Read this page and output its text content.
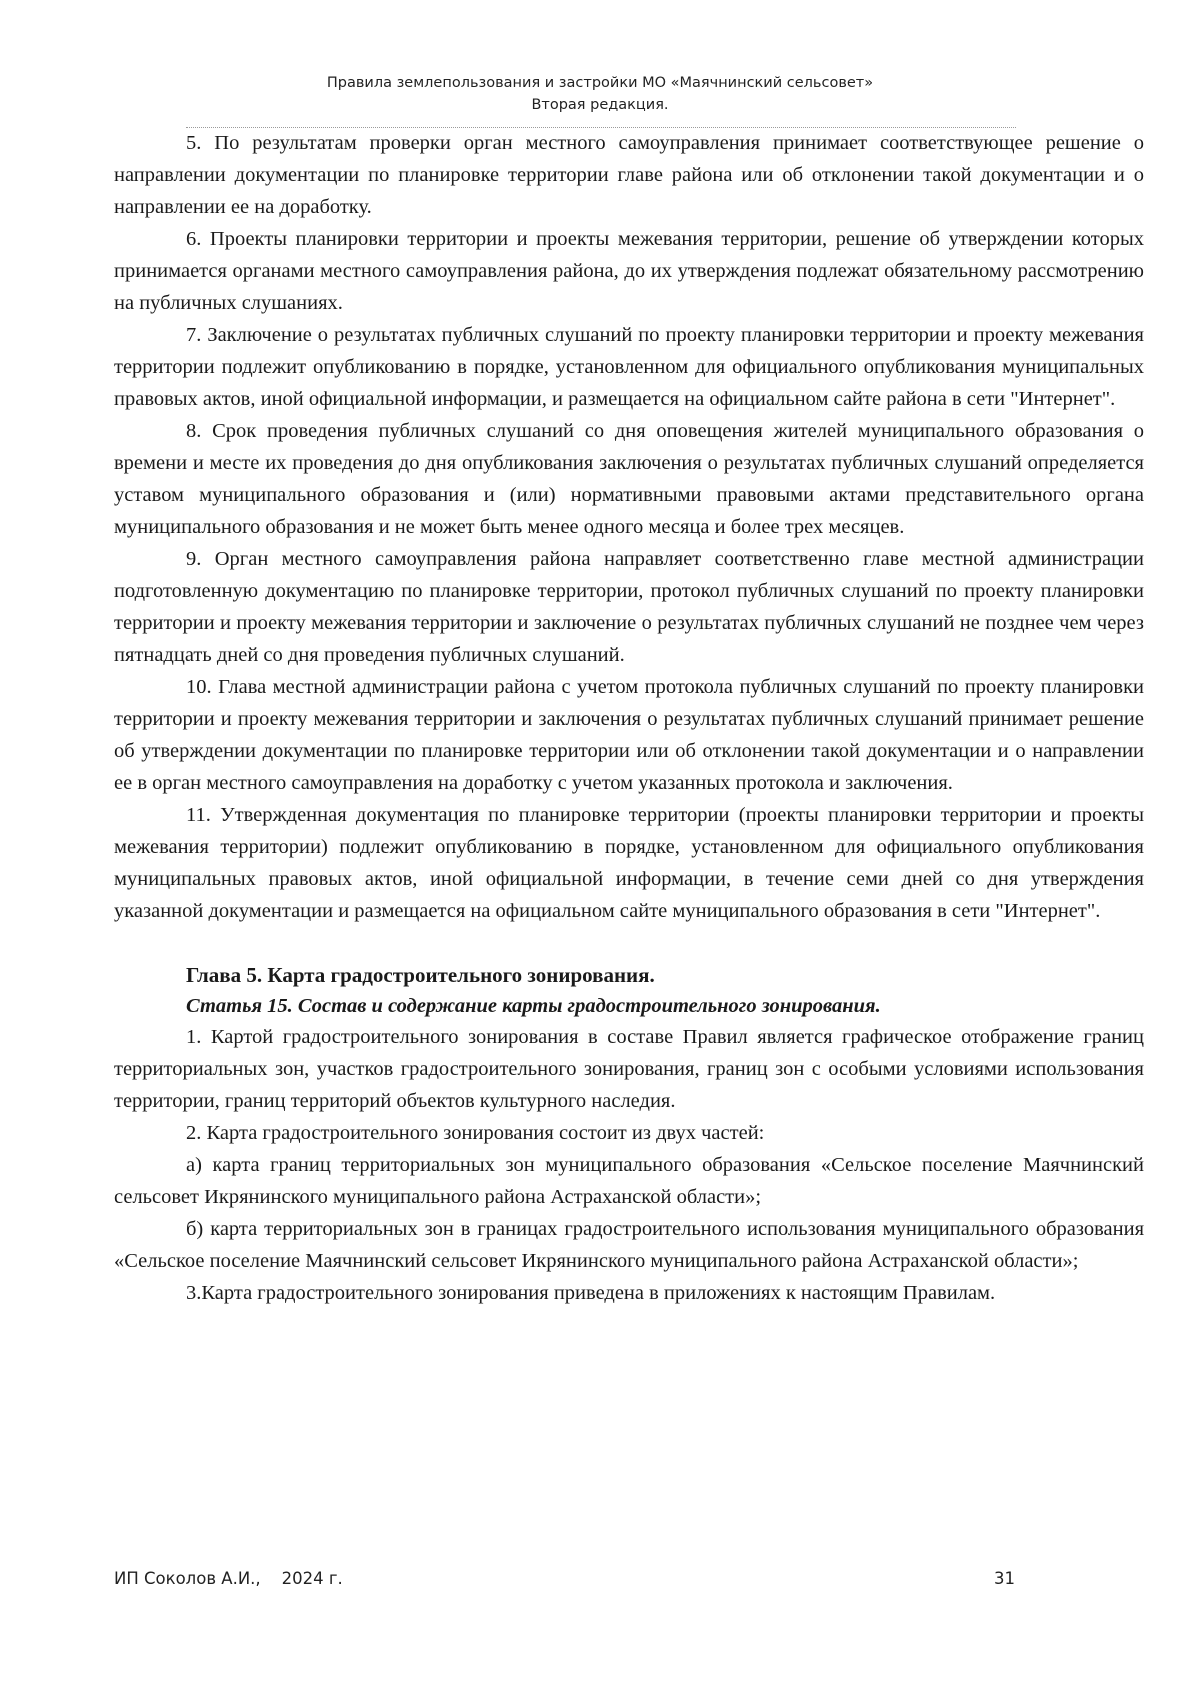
Правила землепользования и застройки МО «Маячнинский сельсовет»
Вторая редакция.

5. По результатам проверки орган местного самоуправления принимает соответствующее решение о направлении документации по планировке территории главе района или об отклонении такой документации и о направлении ее на доработку.

6. Проекты планировки территории и проекты межевания территории, решение об утверждении которых принимается органами местного самоуправления района, до их утверждения подлежат обязательному рассмотрению на публичных слушаниях.

7. Заключение о результатах публичных слушаний по проекту планировки территории и проекту межевания территории подлежит опубликованию в порядке, установленном для официального опубликования муниципальных правовых актов, иной официальной информации, и размещается на официальном сайте района в сети "Интернет".

8. Срок проведения публичных слушаний со дня оповещения жителей муниципального образования о времени и месте их проведения до дня опубликования заключения о результатах публичных слушаний определяется уставом муниципального образования и (или) нормативными правовыми актами представительного органа муниципального образования и не может быть менее одного месяца и более трех месяцев.

9. Орган местного самоуправления района направляет соответственно главе местной администрации подготовленную документацию по планировке территории, протокол публичных слушаний по проекту планировки территории и проекту межевания территории и заключение о результатах публичных слушаний не позднее чем через пятнадцать дней со дня проведения публичных слушаний.

10. Глава местной администрации района с учетом протокола публичных слушаний по проекту планировки территории и проекту межевания территории и заключения о результатах публичных слушаний принимает решение об утверждении документации по планировке территории или об отклонении такой документации и о направлении ее в орган местного самоуправления на доработку с учетом указанных протокола и заключения.

11. Утвержденная документация по планировке территории (проекты планировки территории и проекты межевания территории) подлежит опубликованию в порядке, установленном для официального опубликования муниципальных правовых актов, иной официальной информации, в течение семи дней со дня утверждения указанной документации и размещается на официальном сайте муниципального образования в сети "Интернет".

Глава 5. Карта градостроительного зонирования.
Статья 15. Состав и содержание карты градостроительного зонирования.

1. Картой градостроительного зонирования в составе Правил является графическое отображение границ территориальных зон, участков градостроительного зонирования, границ зон с особыми условиями использования территории, границ территорий объектов культурного наследия.

2. Карта градостроительного зонирования состоит из двух частей:

а) карта границ территориальных зон муниципального образования «Сельское поселение Маячнинский сельсовет Икрянинского муниципального района Астраханской области»;

б) карта территориальных зон в границах градостроительного использования муниципального образования «Сельское поселение Маячнинский сельсовет Икрянинского муниципального района Астраханской области»;

3.Карта градостроительного зонирования приведена в приложениях к настоящим Правилам.

ИП Соколов А.И.,    2024 г.	31
